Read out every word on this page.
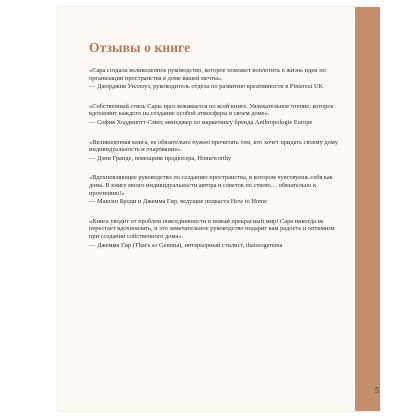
Отзывы о книге

«Сара создала великолепное руководство, которое поможет воплотить в жизнь идеи по организации пространства в доме вашей мечты».

— Джорджия Уиллоуз, руководитель отдела по развитию креативности в Pinterest UK

«Собственный стиль Сары прослеживается по всей книге. Увлекательное чтение, которое вдохновит каждого на создание особой атмосферы в своем доме».

— София Ходдинотт-Смит, менеджер по маркетингу бренда Anthropologie Europe

«Великолепная книга, ее обязательно нужно прочитать тем, кто хочет придать своему дому индивидуальность и очарование».

— Дэни Гранде, помощник продюсера, Homeworthy

«Вдохновляющее руководство по созданию пространства, в котором чувствуешь себя как дома. В книге много индивидуальности автора и советов по стилю… обязательно к прочтению!»

— Максин Броди и Джемма Гир, ведущие подкаста How to Home

«Книга уводит от проблем повседневности в новый прекрасный мир! Сара никогда не перестает вдохновлять, и это замечательное руководство подарит вам радость и оптимизм при создании собственного дома».

— Джемма Гир (That's so Gemma), интерьерный стилист, thatssogemma

5
